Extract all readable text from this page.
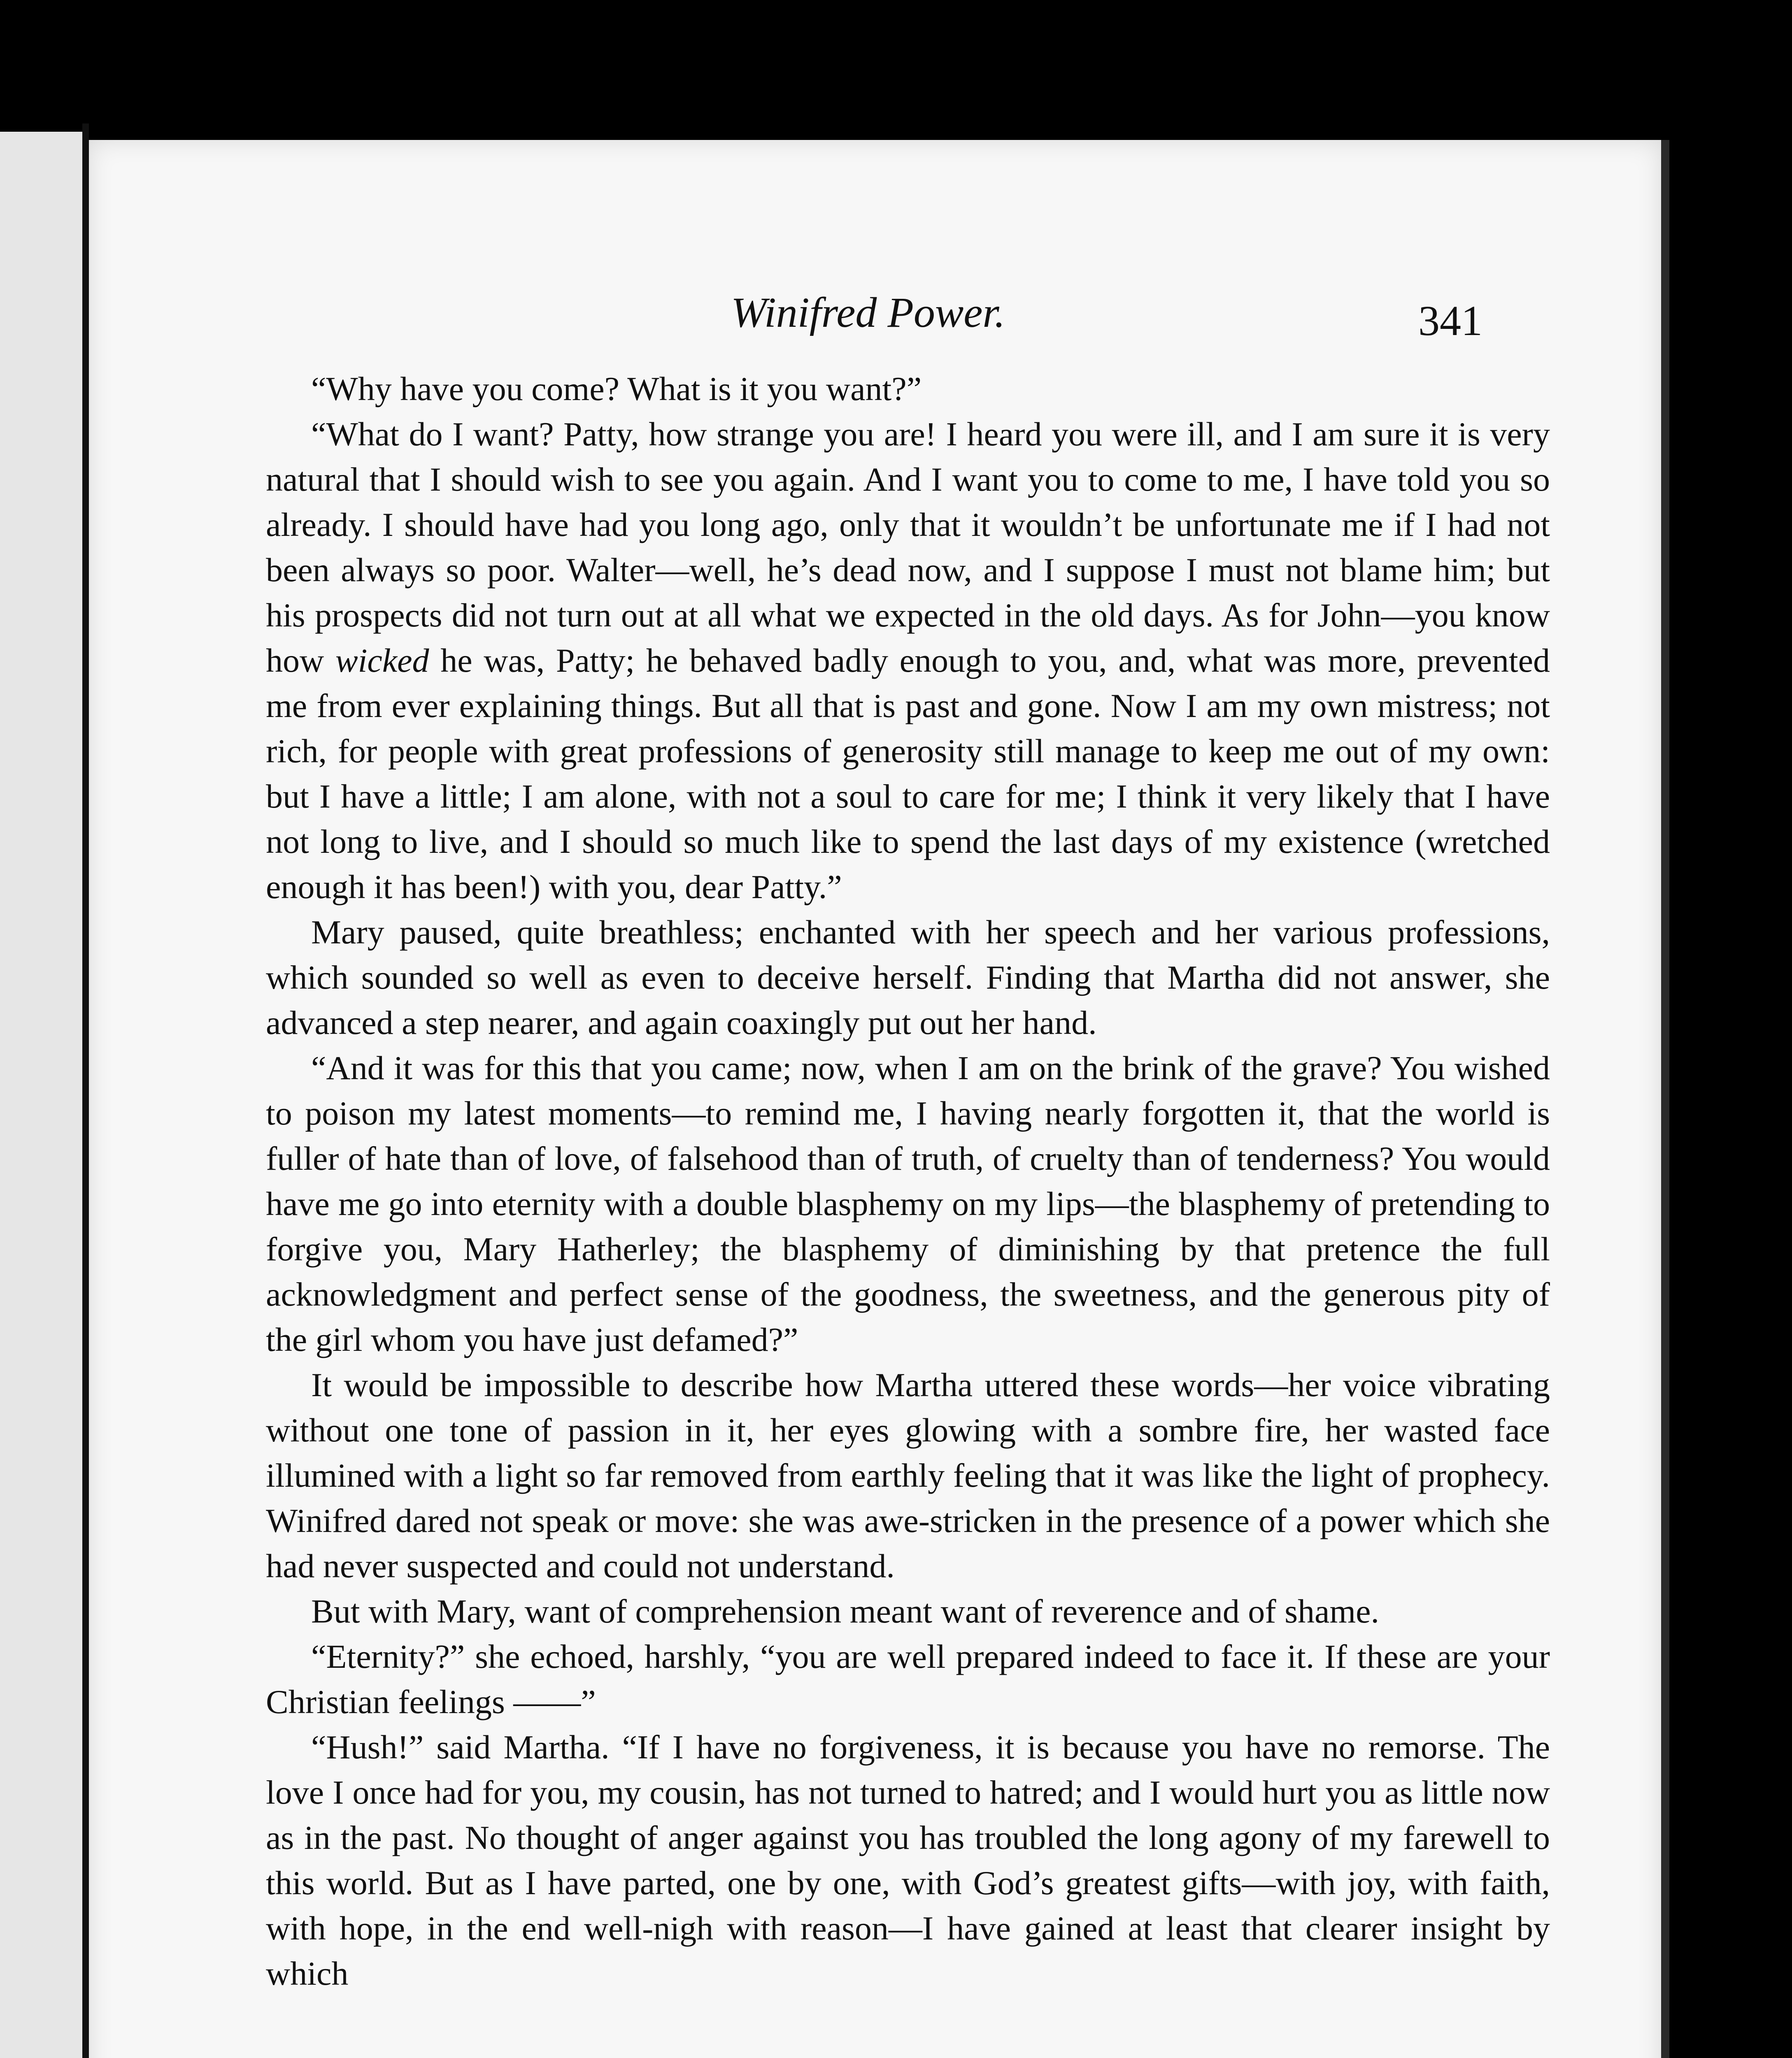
Winifred Power.	341

“Why have you come? What is it you want?”

“What do I want? Patty, how strange you are! I heard you were ill, and I am sure it is very natural that I should wish to see you again. And I want you to come to me, I have told you so already. I should have had you long ago, only that it wouldn’t be unfortunate me if I had not been always so poor. Walter—well, he’s dead now, and I suppose I must not blame him; but his prospects did not turn out at all what we expected in the old days. As for John—you know how wicked he was, Patty; he behaved badly enough to you, and, what was more, prevented me from ever explaining things. But all that is past and gone. Now I am my own mistress; not rich, for people with great professions of generosity still manage to keep me out of my own: but I have a little; I am alone, with not a soul to care for me; I think it very likely that I have not long to live, and I should so much like to spend the last days of my existence (wretched enough it has been!) with you, dear Patty.”

Mary paused, quite breathless; enchanted with her speech and her various professions, which sounded so well as even to deceive herself. Finding that Martha did not answer, she advanced a step nearer, and again coaxingly put out her hand.

“And it was for this that you came; now, when I am on the brink of the grave? You wished to poison my latest moments—to remind me, I having nearly forgotten it, that the world is fuller of hate than of love, of falsehood than of truth, of cruelty than of tenderness? You would have me go into eternity with a double blasphemy on my lips—the blasphemy of pretending to forgive you, Mary Hatherley; the blasphemy of diminishing by that pretence the full acknowledgment and perfect sense of the goodness, the sweetness, and the generous pity of the girl whom you have just defamed?”

It would be impossible to describe how Martha uttered these words—her voice vibrating without one tone of passion in it, her eyes glowing with a sombre fire, her wasted face illumined with a light so far removed from earthly feeling that it was like the light of prophecy. Winifred dared not speak or move: she was awe-stricken in the presence of a power which she had never suspected and could not understand.

But with Mary, want of comprehension meant want of reverence and of shame.

“Eternity?” she echoed, harshly, “you are well prepared indeed to face it. If these are your Christian feelings ——”

“Hush!” said Martha. “If I have no forgiveness, it is because you have no remorse. The love I once had for you, my cousin, has not turned to hatred; and I would hurt you as little now as in the past. No thought of anger against you has troubled the long agony of my farewell to this world. But as I have parted, one by one, with God’s greatest gifts—with joy, with faith, with hope, in the end well-nigh with reason—I have gained at least that clearer insight by which
